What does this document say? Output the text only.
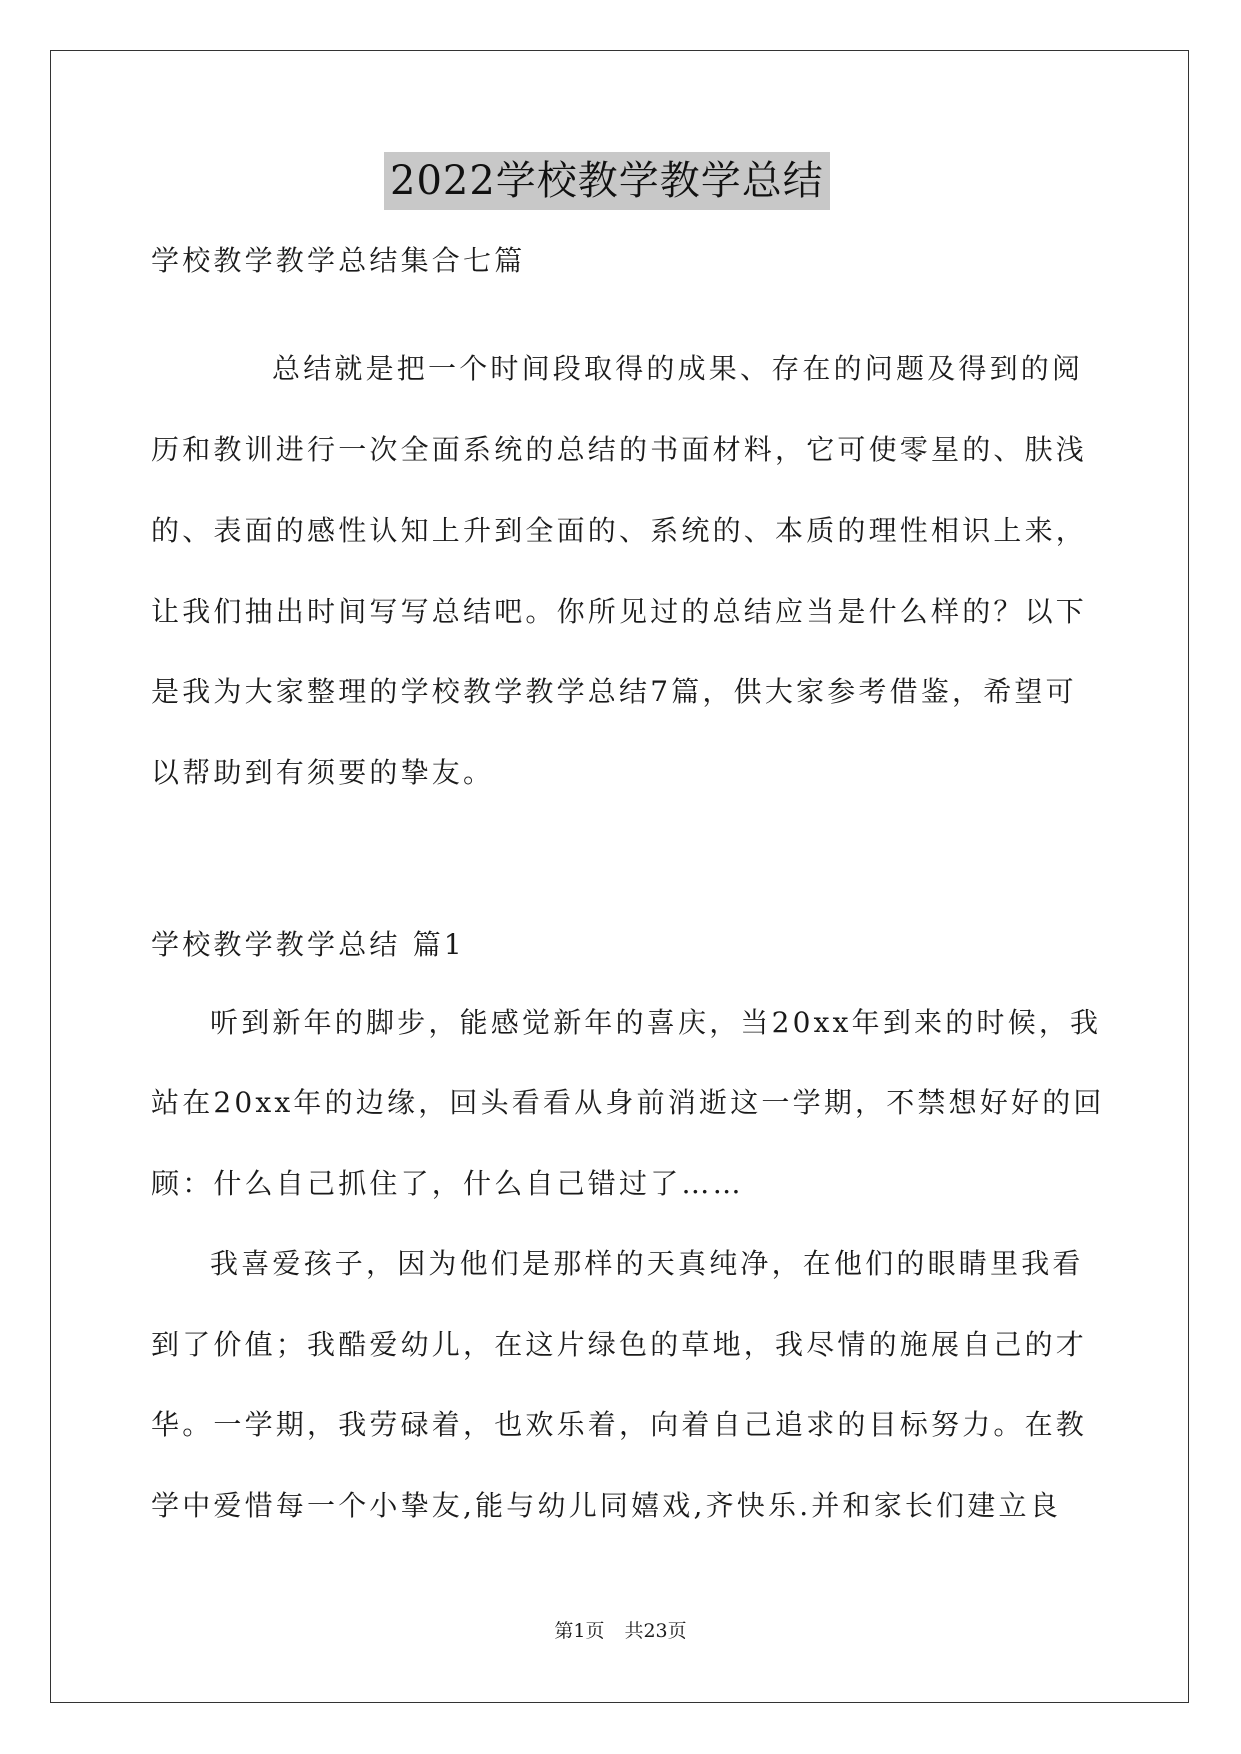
2022学校教学教学总结
学校教学教学总结集合七篇
总结就是把一个时间段取得的成果、存在的问题及得到的阅
历和教训进行一次全面系统的总结的书面材料，它可使零星的、肤浅
的、表面的感性认知上升到全面的、系统的、本质的理性相识上来，
让我们抽出时间写写总结吧。你所见过的总结应当是什么样的？以下
是我为大家整理的学校教学教学总结7篇，供大家参考借鉴，希望可
以帮助到有须要的挚友。
学校教学教学总结 篇1
听到新年的脚步，能感觉新年的喜庆，当20xx年到来的时候，我
站在20xx年的边缘，回头看看从身前消逝这一学期，不禁想好好的回
顾：什么自己抓住了，什么自己错过了……
我喜爱孩子，因为他们是那样的天真纯净，在他们的眼睛里我看
到了价值；我酷爱幼儿，在这片绿色的草地，我尽情的施展自己的才
华。一学期，我劳碌着，也欢乐着，向着自己追求的目标努力。在教
学中爱惜每一个小挚友,能与幼儿同嬉戏,齐快乐.并和家长们建立良
第1页 共23页
